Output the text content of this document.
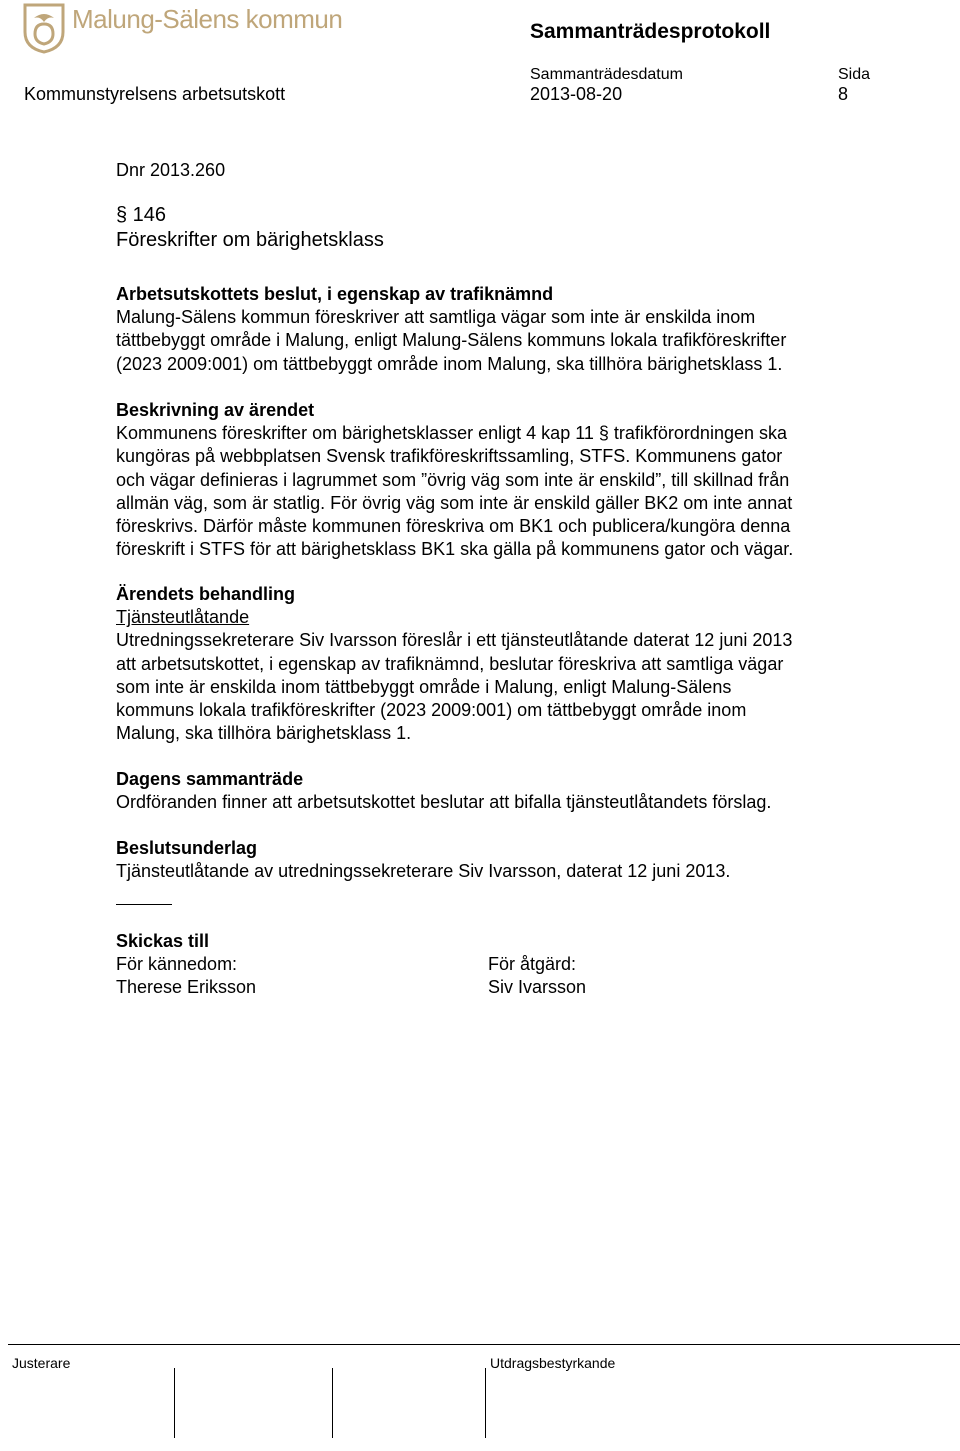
Malung-Sälens kommun	Sammanträdesprotokoll
Sammanträdesdatum	Sida
Kommunstyrelsens arbetsutskott	2013-08-20	8
Dnr 2013.260
§ 146
Föreskrifter om bärighetsklass
Arbetsutskottets beslut, i egenskap av trafiknämnd
Malung-Sälens kommun föreskriver att samtliga vägar som inte är enskilda inom
tättbebyggt område i Malung, enligt Malung-Sälens kommuns lokala trafikföreskrifter
(2023 2009:001) om tättbebyggt område inom Malung, ska tillhöra bärighetsklass 1.
Beskrivning av ärendet
Kommunens föreskrifter om bärighetsklasser enligt 4 kap 11 § trafikförordningen ska
kungöras på webbplatsen Svensk trafikföreskriftssamling, STFS. Kommunens gator
och vägar definieras i lagrummet som ”övrig väg som inte är enskild”, till skillnad från
allmän väg, som är statlig. För övrig väg som inte är enskild gäller BK2 om inte annat
föreskrivs. Därför måste kommunen föreskriva om BK1 och publicera/kungöra denna
föreskrift i STFS för att bärighetsklass BK1 ska gälla på kommunens gator och vägar.
Ärendets behandling
Tjänsteutlåtande
Utredningssekreterare Siv Ivarsson föreslår i ett tjänsteutlåtande daterat 12 juni 2013
att arbetsutskottet, i egenskap av trafiknämnd, beslutar föreskriva att samtliga vägar
som inte är enskilda inom tättbebyggt område i Malung, enligt Malung-Sälens
kommuns lokala trafikföreskrifter (2023 2009:001) om tättbebyggt område inom
Malung, ska tillhöra bärighetsklass 1.
Dagens sammanträde
Ordföranden finner att arbetsutskottet beslutar att bifalla tjänsteutlåtandets förslag.
Beslutsunderlag
Tjänsteutlåtande av utredningssekreterare Siv Ivarsson, daterat 12 juni 2013.
Skickas till
För kännedom:
Therese Eriksson
För åtgärd:
Siv Ivarsson
Justerare	Utdragsbestyrkande
